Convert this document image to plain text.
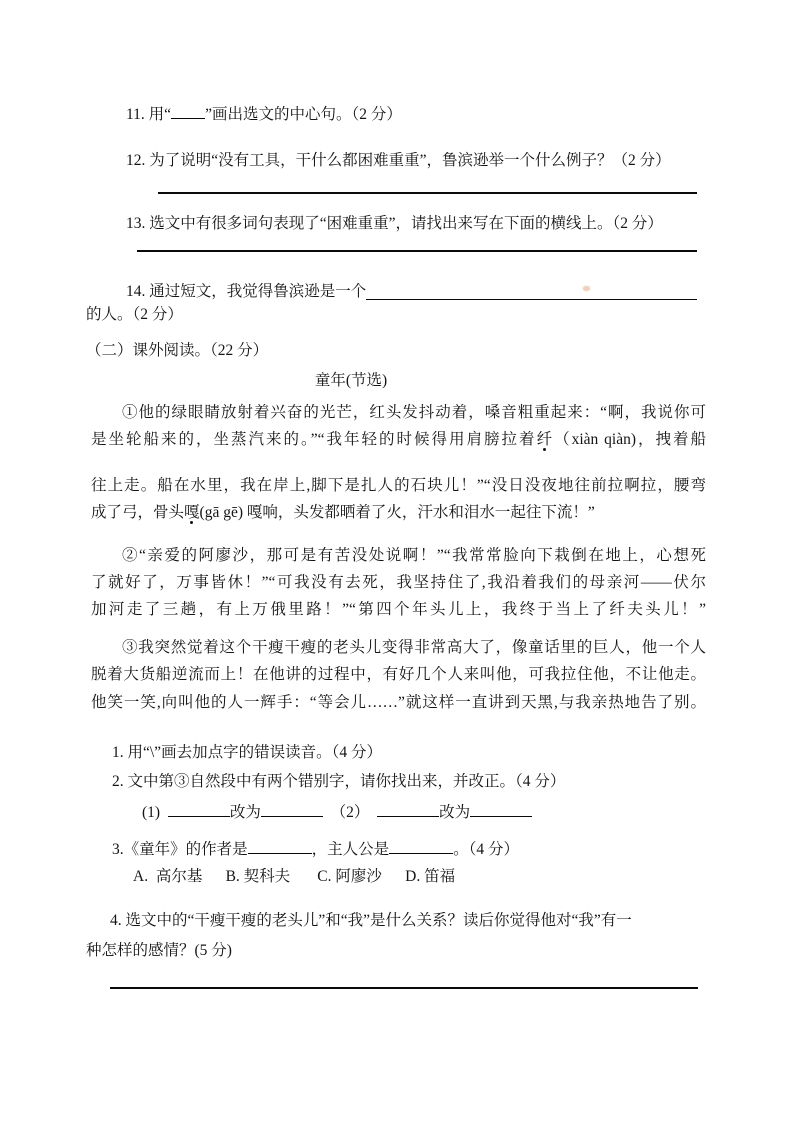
11. 用“ ”画出选文的中心句。（2 分）
12. 为了说明“没有工具，干什么都困难重重”，鲁滨逊举一个什么例子？（2 分）
13. 选文中有很多词句表现了“困难重重”，请找出来写在下面的横线上。（2 分）
14. 通过短文，我觉得鲁滨逊是一个
的人。（2 分）
（二）课外阅读。（22 分）
童年(节选)
①他的绿眼睛放射着兴奋的光芒，红头发抖动着，嗓音粗重起来：“啊，我说你可
是坐轮船来的，坐蒸汽来的。”“我年轻的时候得用肩膀拉着纤（xiàn qiàn)，拽着船
往上走。船在水里，我在岸上,脚下是扎人的石块儿！”“没日没夜地往前拉啊拉，腰弯
成了弓，骨头嘎(gā gē) 嘎响，头发都晒着了火，汗水和泪水一起往下流！”
②“亲爱的阿廖沙，那可是有苦没处说啊！”“我常常脸向下栽倒在地上，心想死
了就好了，万事皆休！”“可我没有去死，我坚持住了,我沿着我们的母亲河——伏尔
加河走了三趟，有上万俄里路！”“第四个年头儿上，我终于当上了纤夫头儿！”
③我突然觉着这个干瘦干瘦的老头儿变得非常高大了，像童话里的巨人，他一个人
脱着大货船逆流而上！在他讲的过程中，有好几个人来叫他，可我拉住他，不让他走。
他笑一笑,向叫他的人一辉手：“等会儿……”就这样一直讲到天黑,与我亲热地告了别。
1. 用“\”画去加点字的错误读音。（4 分）
2. 文中第③自然段中有两个错别字，请你找出来，并改正。（4 分）
(1)	改为	（2）	改为
3.《童年》的作者是	，主人公是	。（4 分）
A.  高尔基　  B. 契科夫　   C. 阿廖沙　  D. 笛福
4. 选文中的“干瘦干瘦的老头儿”和“我”是什么关系？读后你觉得他对“我”有一
种怎样的感情？(5 分)
